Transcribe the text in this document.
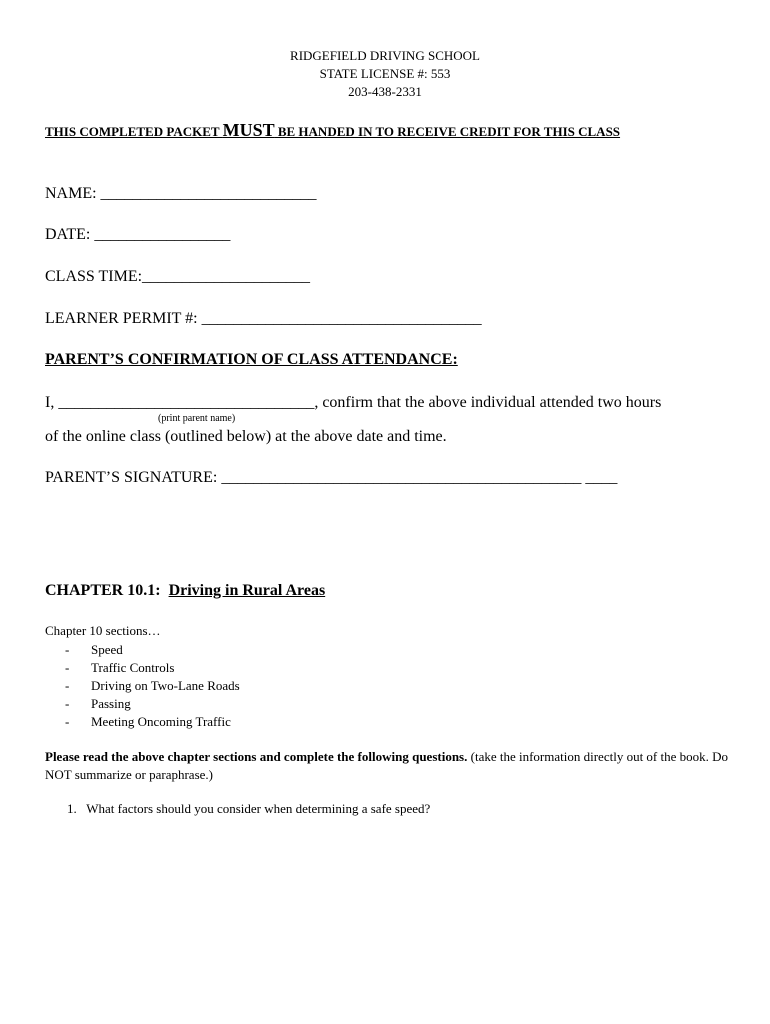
RIDGEFIELD DRIVING SCHOOL
STATE LICENSE #: 553
203-438-2331
THIS COMPLETED PACKET MUST BE HANDED IN TO RECEIVE CREDIT FOR THIS CLASS
NAME: ___________________________
DATE: _________________
CLASS TIME:_____________________
LEARNER PERMIT #: ___________________________________
PARENT’S CONFIRMATION OF CLASS ATTENDANCE:
I, ________________________________, confirm that the above individual attended two hours
(print parent name)
of the online class (outlined below) at the above date and time.
PARENT’S SIGNATURE: _____________________________________________ ____
CHAPTER 10.1: Driving in Rural Areas
Chapter 10 sections…
- Speed
- Traffic Controls
- Driving on Two-Lane Roads
- Passing
- Meeting Oncoming Traffic
Please read the above chapter sections and complete the following questions. (take the information directly out of the book. Do NOT summarize or paraphrase.)
1. What factors should you consider when determining a safe speed?
